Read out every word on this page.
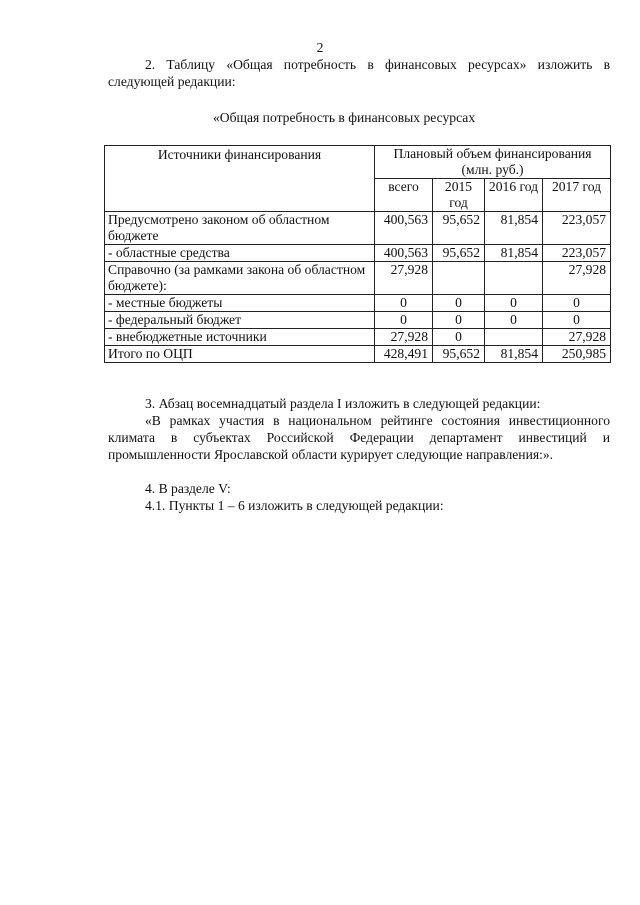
2
2. Таблицу «Общая потребность в финансовых ресурсах» изложить в следующей редакции:
«Общая потребность в финансовых ресурсах
Источники финансирования	Плановый объем финансирования (млн. руб.)			
	всего	2015 год	2016 год	2017 год
Предусмотрено законом об областном бюджете	400,563	95,652	81,854	223,057
- областные средства	400,563	95,652	81,854	223,057
Справочно (за рамками закона об областном бюджете):	27,928			27,928
- местные бюджеты	0	0	0	0
- федеральный бюджет	0	0	0	0
- внебюджетные источники	27,928	0		27,928
Итого по ОЦП	428,491	95,652	81,854	250,985
3. Абзац восемнадцатый раздела I изложить в следующей редакции:
«В рамках участия в национальном рейтинге состояния инвестиционного климата в субъектах Российской Федерации департамент инвестиций и промышленности Ярославской области курирует следующие направления:».
4. В разделе V:
4.1. Пункты 1 – 6 изложить в следующей редакции:
